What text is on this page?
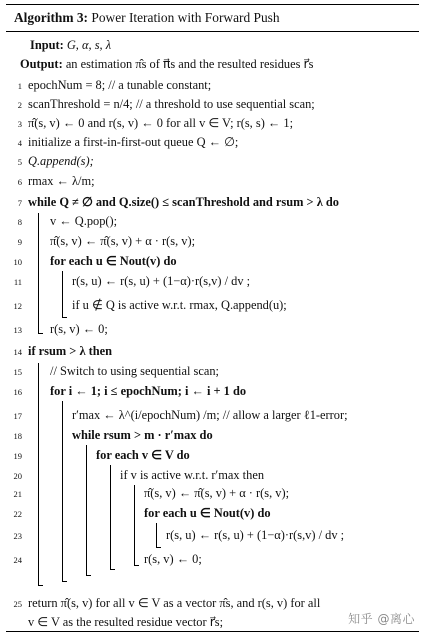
Algorithm 3: Power Iteration with Forward Push
Input: G, α, s, λ
Output: an estimation π̂s of π⃗s and the resulted residues r⃗s
1 epochNum = 8; // a tunable constant;
2 scanThreshold = n/4; // a threshold to use sequential scan;
3 π̂(s, v) ← 0 and r(s, v) ← 0 for all v ∈ V; r(s, s) ← 1;
4 initialize a first-in-first-out queue Q ← ∅;
5 Q.append(s);
6 rmax ← λ/m;
7 while Q ≠ ∅ and Q.size() ≤ scanThreshold and rsum > λ do
8 v ← Q.pop();
9 π̂(s, v) ← π̂(s, v) + α · r(s, v);
10 for each u ∈ Nout(v) do
11	r(s, u) ← r(s, u) + (1−α)·r(s,v) / dv ;
12	if u ∉ Q is active w.r.t. rmax, Q.append(u);
13 r(s, v) ← 0;
14 if rsum > λ then
15 // Switch to using sequential scan;
16 for i ← 1; i ≤ epochNum; i ← i + 1 do
17	r′max ← λ^(i/epochNum) /m; // allow a larger ℓ1-error;
18	while rsum > m · r′max do
19	for each v ∈ V do
20	if v is active w.r.t. r′max then
21	π̂(s, v) ← π̂(s, v) + α · r(s, v);
22	for each u ∈ Nout(v) do
23	r(s, u) ← r(s, u) + (1−α)·r(s,v) / dv ;
24	r(s, v) ← 0;
25 return π̂(s, v) for all v ∈ V as a vector π̂s, and r(s, v) for all
v ∈ V as the resulted residue vector r⃗s;	知乎 @离心
